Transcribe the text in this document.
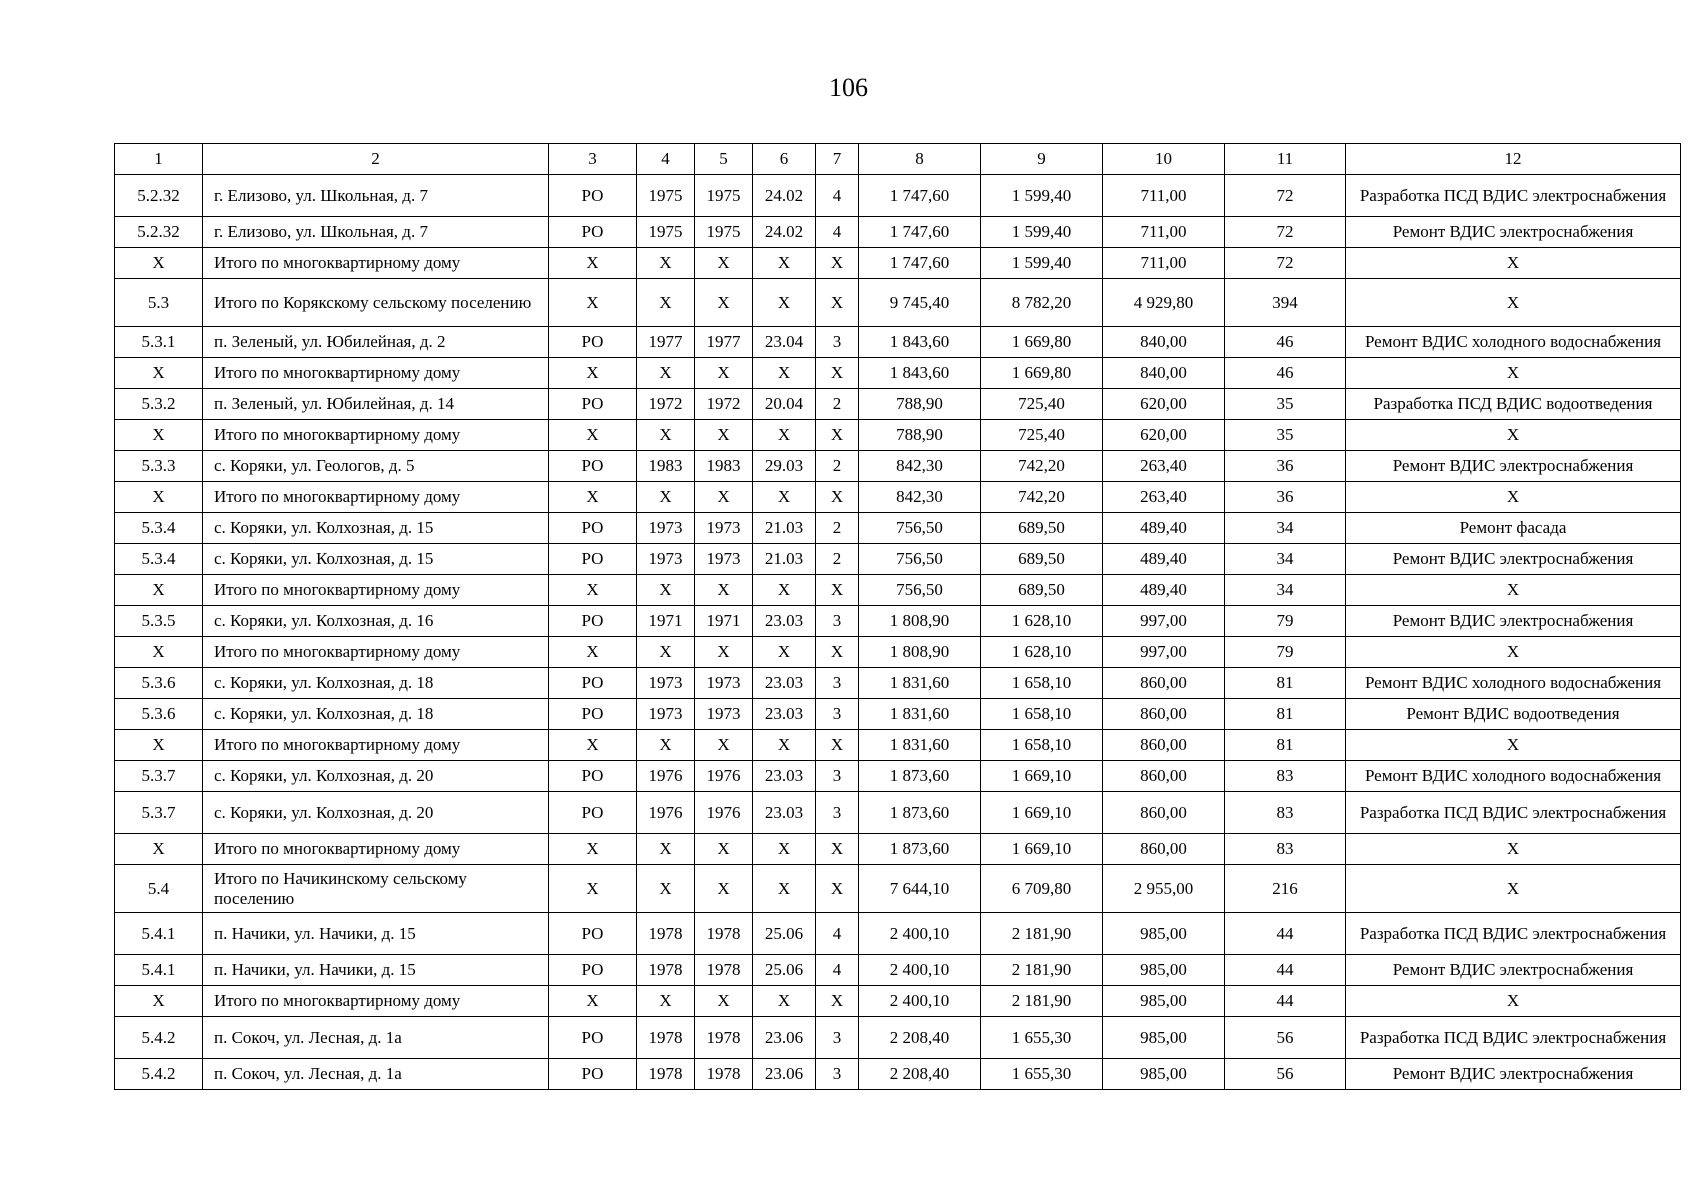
106
1	2	3	4	5	6	7	8	9	10	11	12
5.2.32	г. Елизово, ул. Школьная, д. 7	РО	1975	1975	24.02	4	1 747,60	1 599,40	711,00	72	Разработка ПСД ВДИС электроснабжения
5.2.32	г. Елизово, ул. Школьная, д. 7	РО	1975	1975	24.02	4	1 747,60	1 599,40	711,00	72	Ремонт ВДИС электроснабжения
Х	Итого по многоквартирному дому	Х	Х	Х	Х	Х	1 747,60	1 599,40	711,00	72	Х
5.3	Итого по Корякскому сельскому поселению	Х	Х	Х	Х	Х	9 745,40	8 782,20	4 929,80	394	Х
5.3.1	п. Зеленый, ул. Юбилейная, д. 2	РО	1977	1977	23.04	3	1 843,60	1 669,80	840,00	46	Ремонт ВДИС холодного водоснабжения
Х	Итого по многоквартирному дому	Х	Х	Х	Х	Х	1 843,60	1 669,80	840,00	46	Х
5.3.2	п. Зеленый, ул. Юбилейная, д. 14	РО	1972	1972	20.04	2	788,90	725,40	620,00	35	Разработка ПСД ВДИС водоотведения
Х	Итого по многоквартирному дому	Х	Х	Х	Х	Х	788,90	725,40	620,00	35	Х
5.3.3	с. Коряки, ул. Геологов, д. 5	РО	1983	1983	29.03	2	842,30	742,20	263,40	36	Ремонт ВДИС электроснабжения
Х	Итого по многоквартирному дому	Х	Х	Х	Х	Х	842,30	742,20	263,40	36	Х
5.3.4	с. Коряки, ул. Колхозная, д. 15	РО	1973	1973	21.03	2	756,50	689,50	489,40	34	Ремонт фасада
5.3.4	с. Коряки, ул. Колхозная, д. 15	РО	1973	1973	21.03	2	756,50	689,50	489,40	34	Ремонт ВДИС электроснабжения
Х	Итого по многоквартирному дому	Х	Х	Х	Х	Х	756,50	689,50	489,40	34	Х
5.3.5	с. Коряки, ул. Колхозная, д. 16	РО	1971	1971	23.03	3	1 808,90	1 628,10	997,00	79	Ремонт ВДИС электроснабжения
Х	Итого по многоквартирному дому	Х	Х	Х	Х	Х	1 808,90	1 628,10	997,00	79	Х
5.3.6	с. Коряки, ул. Колхозная, д. 18	РО	1973	1973	23.03	3	1 831,60	1 658,10	860,00	81	Ремонт ВДИС холодного водоснабжения
5.3.6	с. Коряки, ул. Колхозная, д. 18	РО	1973	1973	23.03	3	1 831,60	1 658,10	860,00	81	Ремонт ВДИС водоотведения
Х	Итого по многоквартирному дому	Х	Х	Х	Х	Х	1 831,60	1 658,10	860,00	81	Х
5.3.7	с. Коряки, ул. Колхозная, д. 20	РО	1976	1976	23.03	3	1 873,60	1 669,10	860,00	83	Ремонт ВДИС холодного водоснабжения
5.3.7	с. Коряки, ул. Колхозная, д. 20	РО	1976	1976	23.03	3	1 873,60	1 669,10	860,00	83	Разработка ПСД ВДИС электроснабжения
Х	Итого по многоквартирному дому	Х	Х	Х	Х	Х	1 873,60	1 669,10	860,00	83	Х
5.4	Итого по Начикинскому сельскому поселению	Х	Х	Х	Х	Х	7 644,10	6 709,80	2 955,00	216	Х
5.4.1	п. Начики, ул. Начики, д. 15	РО	1978	1978	25.06	4	2 400,10	2 181,90	985,00	44	Разработка ПСД ВДИС электроснабжения
5.4.1	п. Начики, ул. Начики, д. 15	РО	1978	1978	25.06	4	2 400,10	2 181,90	985,00	44	Ремонт ВДИС электроснабжения
Х	Итого по многоквартирному дому	Х	Х	Х	Х	Х	2 400,10	2 181,90	985,00	44	Х
5.4.2	п. Сокоч, ул. Лесная, д. 1а	РО	1978	1978	23.06	3	2 208,40	1 655,30	985,00	56	Разработка ПСД ВДИС электроснабжения
5.4.2	п. Сокоч, ул. Лесная, д. 1а	РО	1978	1978	23.06	3	2 208,40	1 655,30	985,00	56	Ремонт ВДИС электроснабжения
